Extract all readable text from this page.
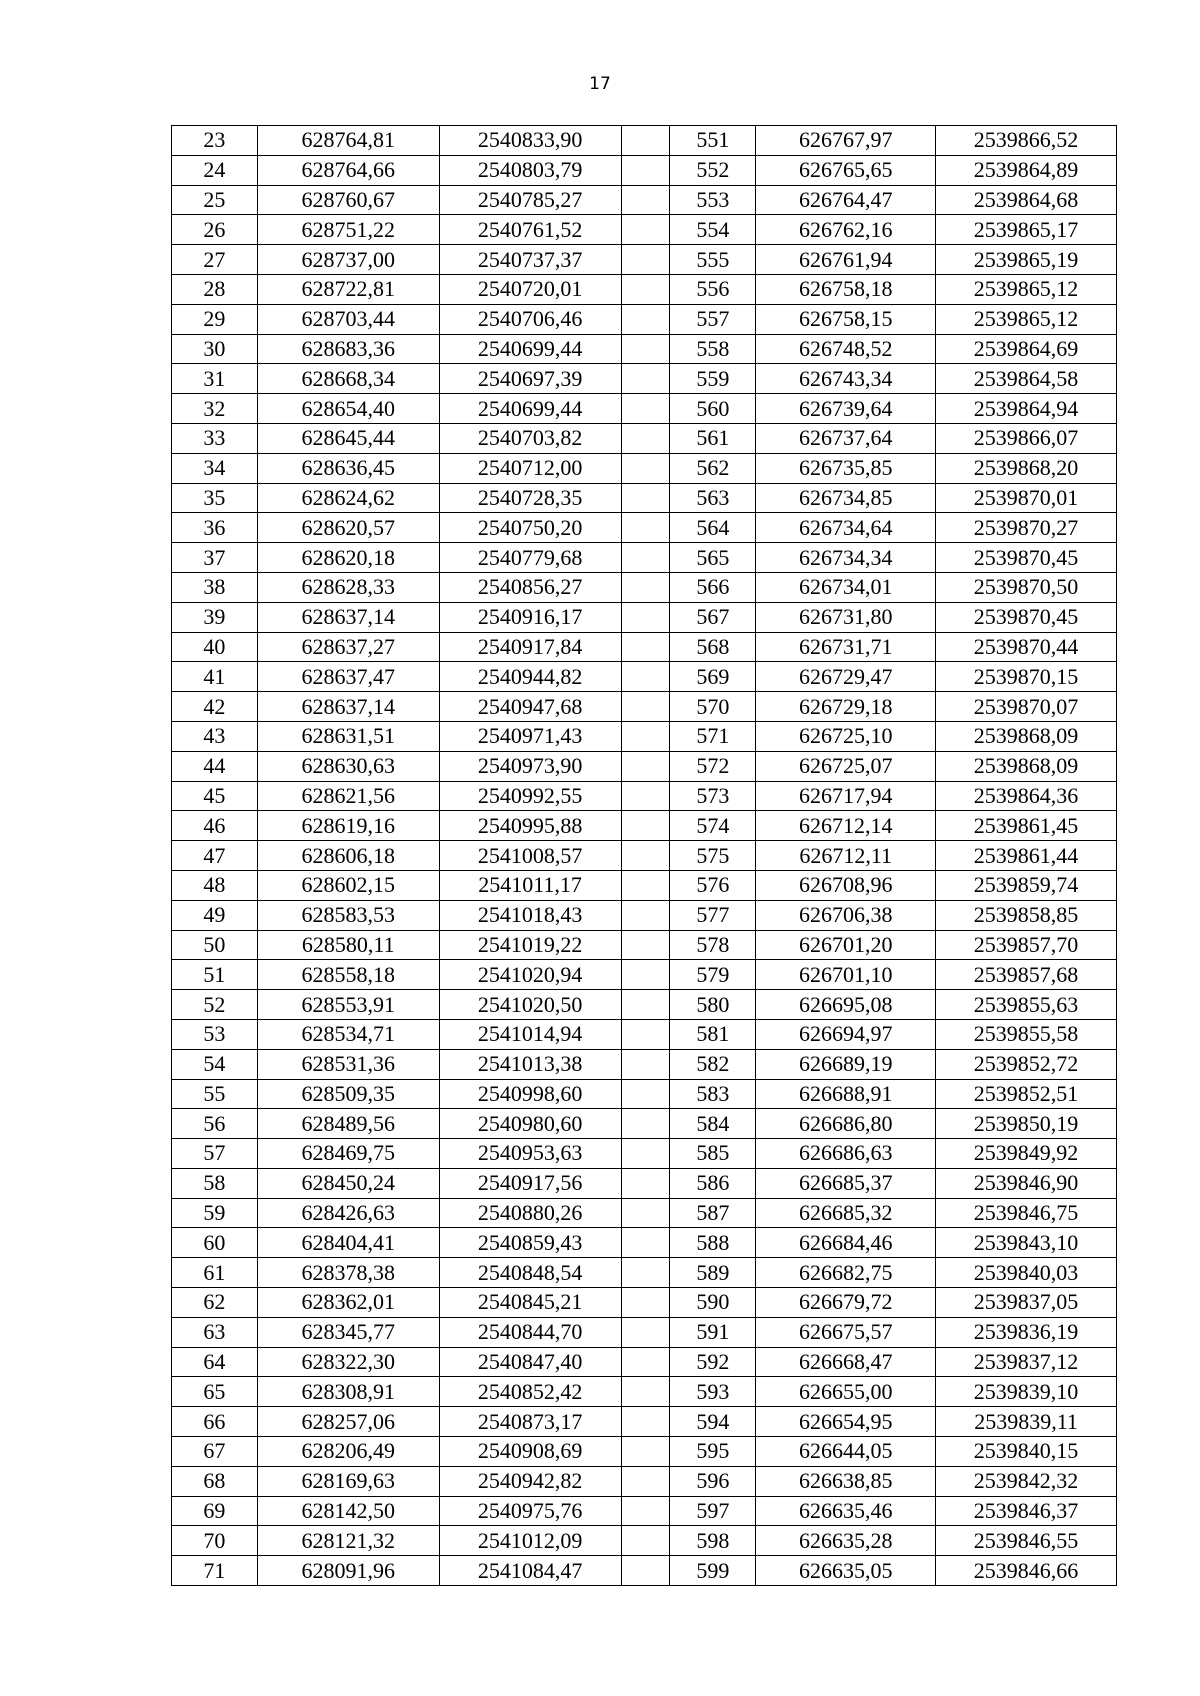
17
23	628764,81	2540833,90		551	626767,97	2539866,52
24	628764,66	2540803,79		552	626765,65	2539864,89
25	628760,67	2540785,27		553	626764,47	2539864,68
26	628751,22	2540761,52		554	626762,16	2539865,17
27	628737,00	2540737,37		555	626761,94	2539865,19
28	628722,81	2540720,01		556	626758,18	2539865,12
29	628703,44	2540706,46		557	626758,15	2539865,12
30	628683,36	2540699,44		558	626748,52	2539864,69
31	628668,34	2540697,39		559	626743,34	2539864,58
32	628654,40	2540699,44		560	626739,64	2539864,94
33	628645,44	2540703,82		561	626737,64	2539866,07
34	628636,45	2540712,00		562	626735,85	2539868,20
35	628624,62	2540728,35		563	626734,85	2539870,01
36	628620,57	2540750,20		564	626734,64	2539870,27
37	628620,18	2540779,68		565	626734,34	2539870,45
38	628628,33	2540856,27		566	626734,01	2539870,50
39	628637,14	2540916,17		567	626731,80	2539870,45
40	628637,27	2540917,84		568	626731,71	2539870,44
41	628637,47	2540944,82		569	626729,47	2539870,15
42	628637,14	2540947,68		570	626729,18	2539870,07
43	628631,51	2540971,43		571	626725,10	2539868,09
44	628630,63	2540973,90		572	626725,07	2539868,09
45	628621,56	2540992,55		573	626717,94	2539864,36
46	628619,16	2540995,88		574	626712,14	2539861,45
47	628606,18	2541008,57		575	626712,11	2539861,44
48	628602,15	2541011,17		576	626708,96	2539859,74
49	628583,53	2541018,43		577	626706,38	2539858,85
50	628580,11	2541019,22		578	626701,20	2539857,70
51	628558,18	2541020,94		579	626701,10	2539857,68
52	628553,91	2541020,50		580	626695,08	2539855,63
53	628534,71	2541014,94		581	626694,97	2539855,58
54	628531,36	2541013,38		582	626689,19	2539852,72
55	628509,35	2540998,60		583	626688,91	2539852,51
56	628489,56	2540980,60		584	626686,80	2539850,19
57	628469,75	2540953,63		585	626686,63	2539849,92
58	628450,24	2540917,56		586	626685,37	2539846,90
59	628426,63	2540880,26		587	626685,32	2539846,75
60	628404,41	2540859,43		588	626684,46	2539843,10
61	628378,38	2540848,54		589	626682,75	2539840,03
62	628362,01	2540845,21		590	626679,72	2539837,05
63	628345,77	2540844,70		591	626675,57	2539836,19
64	628322,30	2540847,40		592	626668,47	2539837,12
65	628308,91	2540852,42		593	626655,00	2539839,10
66	628257,06	2540873,17		594	626654,95	2539839,11
67	628206,49	2540908,69		595	626644,05	2539840,15
68	628169,63	2540942,82		596	626638,85	2539842,32
69	628142,50	2540975,76		597	626635,46	2539846,37
70	628121,32	2541012,09		598	626635,28	2539846,55
71	628091,96	2541084,47		599	626635,05	2539846,66
